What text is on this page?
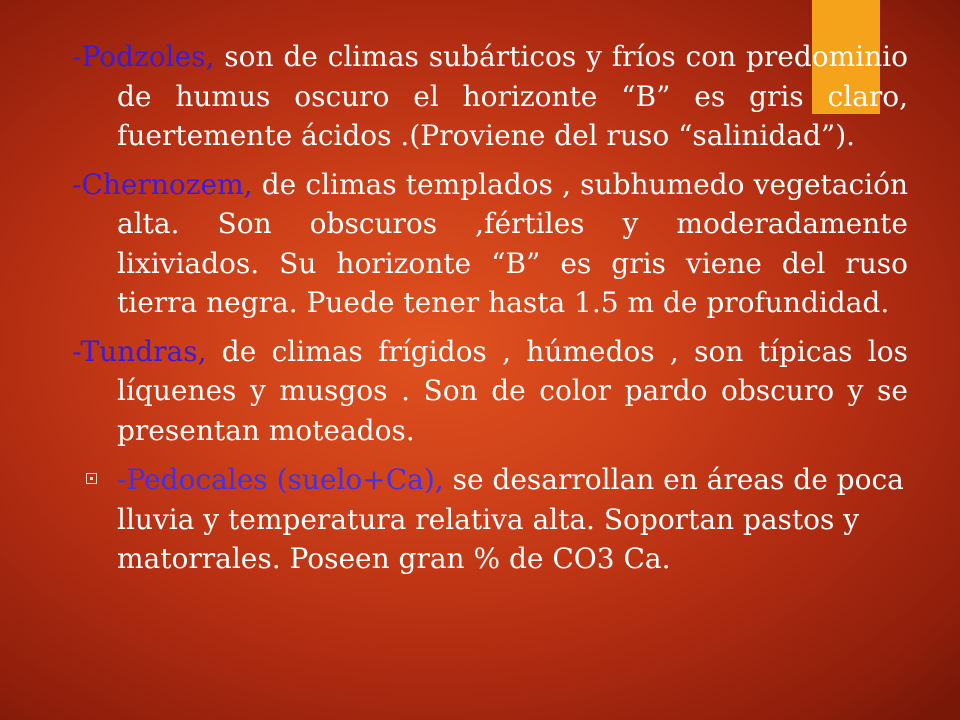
-Podzoles, son de climas subárticos y fríos con predominio de humus oscuro el horizonte “B” es gris claro, fuertemente ácidos .(Proviene del ruso “salinidad”).

-Chernozem, de climas templados , subhumedo vegetación alta. Son obscuros ,fértiles y moderadamente lixiviados. Su horizonte “B” es gris viene del ruso tierra negra. Puede tener hasta 1.5 m de profundidad.

-Tundras, de climas frígidos , húmedos , son típicas los líquenes y musgos . Son de color pardo obscuro y se presentan moteados.

-Pedocales (suelo+Ca), se desarrollan en áreas de poca lluvia y temperatura relativa alta. Soportan pastos y matorrales. Poseen gran % de CO3 Ca.
